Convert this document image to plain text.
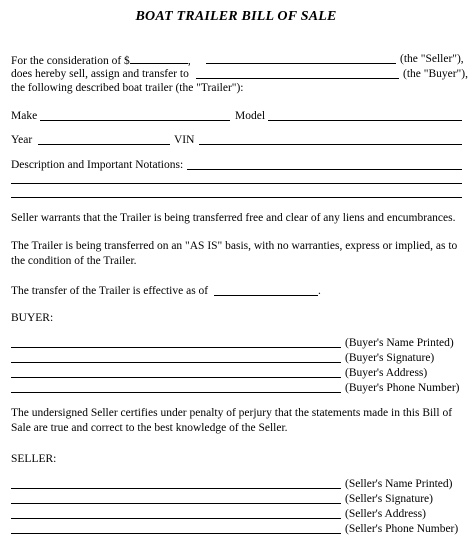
BOAT TRAILER BILL OF SALE
For the consideration of $	,	(the "Seller"),
does hereby sell, assign and transfer to	(the "Buyer"),
the following described boat trailer (the "Trailer"):
Make	Model
Year	VIN
Description and Important Notations:
Seller warrants that the Trailer is being transferred free and clear of any liens and encumbrances.
The Trailer is being transferred on an "AS IS" basis, with no warranties, express or implied, as to the condition of the Trailer.
The transfer of the Trailer is effective as of	.
BUYER:
(Buyer's Name Printed)
(Buyer's Signature)
(Buyer's Address)
(Buyer's Phone Number)
The undersigned Seller certifies under penalty of perjury that the statements made in this Bill of Sale are true and correct to the best knowledge of the Seller.
SELLER:
(Seller's Name Printed)
(Seller's Signature)
(Seller's Address)
(Seller's Phone Number)
